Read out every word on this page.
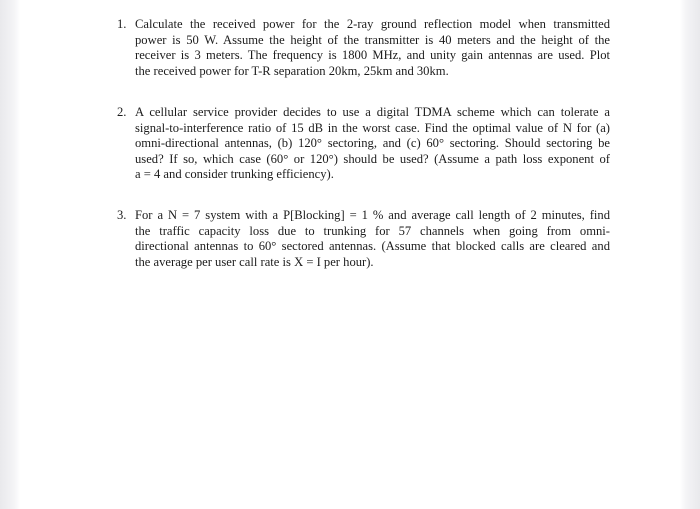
1. Calculate the received power for the 2-ray ground reflection model when transmitted
power is 50 W. Assume the height of the transmitter is 40 meters and the height of the
receiver is 3 meters. The frequency is 1800 MHz, and unity gain antennas are used. Plot
the received power for T-R separation 20km, 25km and 30km.
2. A cellular service provider decides to use a digital TDMA scheme which can tolerate a
signal-to-interference ratio of 15 dB in the worst case. Find the optimal value of N for (a)
omni-directional antennas, (b) 120° sectoring, and (c) 60° sectoring. Should sectoring be
used? If so, which case (60° or 120°) should be used? (Assume a path loss exponent of
a = 4 and consider trunking efficiency).
3. For a N = 7 system with a P[Blocking] = 1 % and average call length of 2 minutes, find
the traffic capacity loss due to trunking for 57 channels when going from omni-
directional antennas to 60° sectored antennas. (Assume that blocked calls are cleared and
the average per user call rate is X = I per hour).
